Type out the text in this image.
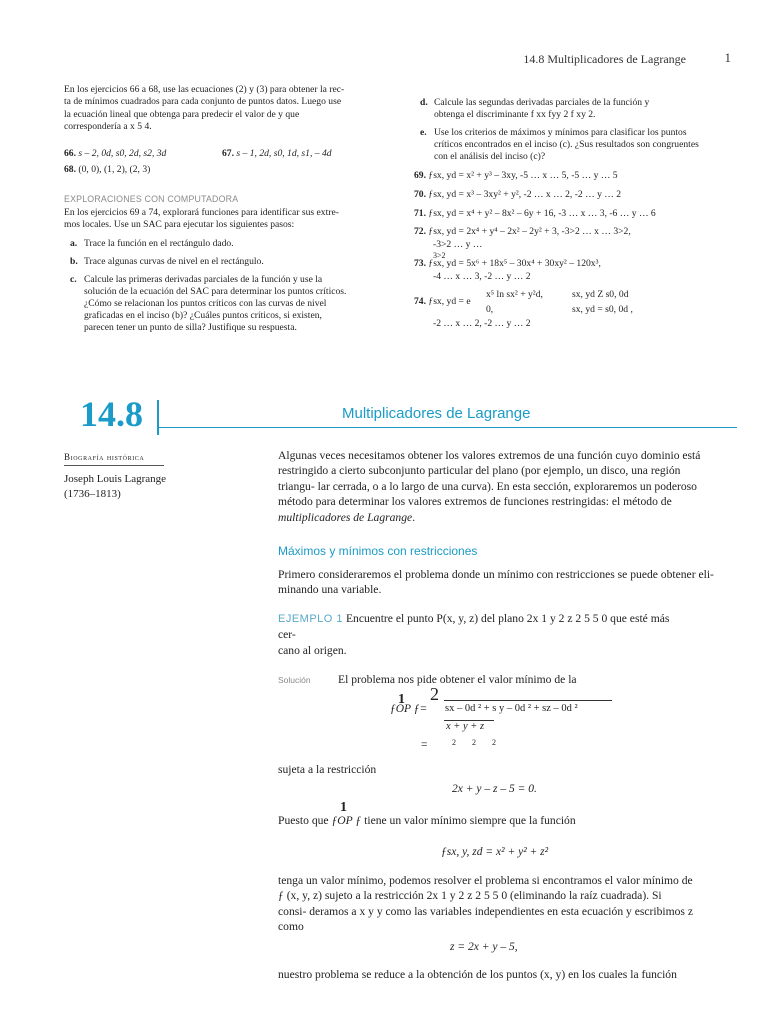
14.8 Multiplicadores de Lagrange	1
En los ejercicios 66 a 68, use las ecuaciones (2) y (3) para obtener la rec-
ta de mínimos cuadrados para cada conjunto de puntos datos. Luego use
la ecuación lineal que obtenga para predecir el valor de y que
correspondería a x 5 4.
66. s – 2, 0d, s0, 2d, s2, 3d	67. s – 1, 2d, s0, 1d, s1, – 4d
68. (0, 0), (1, 2), (2, 3)
EXPLORACIONES CON COMPUTADORA
En los ejercicios 69 a 74, explorará funciones para identificar sus extre-
mos locales. Use un SAC para ejecutar los siguientes pasos:
a. Trace la función en el rectángulo dado.
b. Trace algunas curvas de nivel en el rectángulo.
c. Calcule las primeras derivadas parciales de la función y use la
solución de la ecuación del SAC para determinar los puntos críticos.
¿Cómo se relacionan los puntos críticos con las curvas de nivel
graficadas en el inciso (b)? ¿Cuáles puntos críticos, si existen,
parecen tener un punto de silla? Justifique su respuesta.
d. Calcule las segundas derivadas parciales de la función y
obtenga el discriminante f xx fyy 2 f xy 2.
e. Use los criterios de máximos y mínimos para clasificar los puntos
críticos encontrados en el inciso (c). ¿Sus resultados son congruentes
con el análisis del inciso (c)?
69. ƒsx, yd = x² + y³ – 3xy, -5 … x … 5, -5 … y … 5
70. ƒsx, yd = x³ – 3xy² + y², -2 … x … 2, -2 … y … 2
71. ƒsx, yd = x⁴ + y² – 8x² – 6y + 16, -3 … x … 3, -6 … y … 6
72. ƒsx, yd = 2x⁴ + y⁴ – 2x² – 2y² + 3, -3>2 … x … 3>2,
-3>2 … y …
3>2
73. ƒsx, yd = 5x⁶ + 18x⁵ – 30x⁴ + 30xy² – 120x³,
-4 … x … 3, -2 … y … 2
74. ƒsx, yd = e
x⁵ ln sx² + y²d,	sx, yd Z s0, 0d
0,	sx, yd = s0, 0d ,
-2 … x … 2, -2 … y … 2
14.8	Multiplicadores de Lagrange
Biografía histórica
Joseph Louis Lagrange
(1736–1813)
Algunas veces necesitamos obtener los valores extremos de una función cuyo dominio está
restringido a cierto subconjunto particular del plano (por ejemplo, un disco, una región
triangu- lar cerrada, o a lo largo de una curva). En esta sección, exploraremos un poderoso
método para determinar los valores extremos de funciones restringidas: el método de
multiplicadores de Lagrange.
Máximos y mínimos con restricciones
Primero consideraremos el problema donde un mínimo con restricciones se puede obtener eli-
minando una variable.
EJEMPLO 1 Encuentre el punto P(x, y, z) del plano 2x 1 y 2 z 2 5 5 0 que esté más
cer-
cano al origen.
Solución El problema nos pide obtener el valor mínimo de la
1 2
ƒOP ƒ= sx – 0d ² + s y – 0d ² + sz – 0d ²
x + y + z
=	2        2        2
sujeta a la restricción
2x + y – z – 5 = 0.
1
Puesto que ƒOP ƒ tiene un valor mínimo siempre que la función
ƒsx, y, zd = x² + y² + z²
tenga un valor mínimo, podemos resolver el problema si encontramos el valor mínimo de
ƒ (x, y, z) sujeto a la restricción 2x 1 y 2 z 2 5 5 0 (eliminando la raíz cuadrada). Si
consi- deramos a x y y como las variables independientes en esta ecuación y escribimos z
como
z = 2x + y – 5,
nuestro problema se reduce a la obtención de los puntos (x, y) en los cuales la función
